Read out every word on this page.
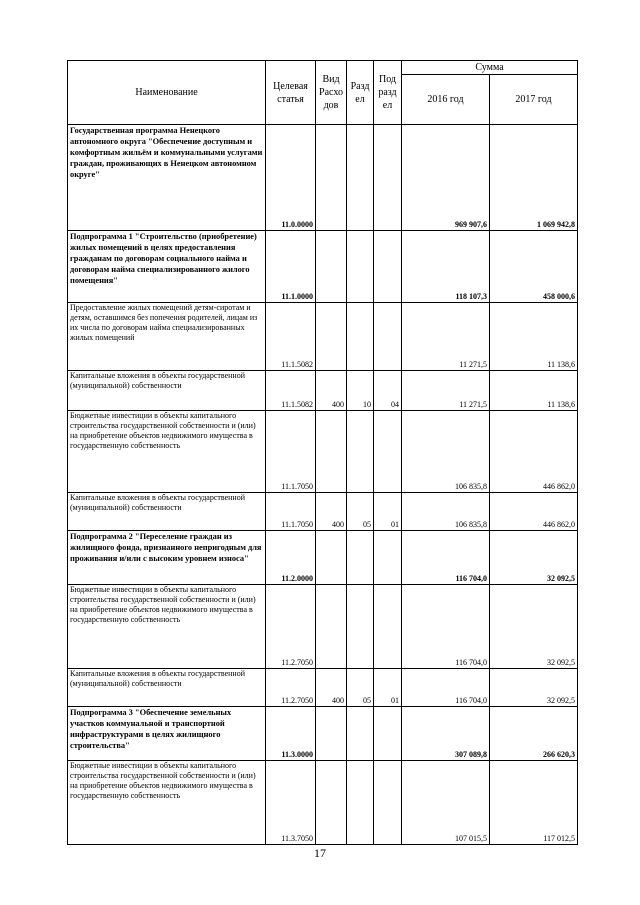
Наименование	Целевая статья	Вид Расхо дов	Разд ел	Под разд ел	Сумма	
					2016 год	2017 год
Государственная программа Ненецкого автономного округа "Обеспечение доступным и комфортным жильём и коммунальными услугами граждан, проживающих в Ненецком автономном округе"	11.0.0000				969 907,6	1 069 942,8
Подпрограмма 1 "Строительство (приобретение) жилых помещений в целях предоставления гражданам по договорам социального найма и договорам найма специализированного жилого помещения"	11.1.0000				118 107,3	458 000,6
Предоставление жилых помещений детям-сиротам и детям, оставшимся без попечения родителей, лицам из их числа по договорам найма специализированных жилых помещений	11.1.5082				11 271,5	11 138,6
Капитальные вложения в объекты государственной (муниципальной) собственности	11.1.5082	400	10	04	11 271,5	11 138,6
Бюджетные инвестиции в объекты капитального строительства государственной собственности и (или) на приобретение объектов недвижимого имущества в государственную собственность	11.1.7050				106 835,8	446 862,0
Капитальные вложения в объекты государственной (муниципальной) собственности	11.1.7050	400	05	01	106 835,8	446 862,0
Подпрограмма 2 "Переселение граждан из жилищного фонда, признанного непригодным для проживания и/или с высоким уровнем износа"	11.2.0000				116 704,0	32 092,5
Бюджетные инвестиции в объекты капитального строительства государственной собственности и (или) на приобретение объектов недвижимого имущества в государственную собственность	11.2.7050				116 704,0	32 092,5
Капитальные вложения в объекты государственной (муниципальной) собственности	11.2.7050	400	05	01	116 704,0	32 092,5
Подпрограмма 3 "Обеспечение земельных участков коммунальной и транспортной инфраструктурами в целях жилищного строительства"	11.3.0000				307 089,8	266 620,3
Бюджетные инвестиции в объекты капитального строительства государственной собственности и (или) на приобретение объектов недвижимого имущества в государственную собственность	11.3.7050				107 015,5	117 012,5
17
